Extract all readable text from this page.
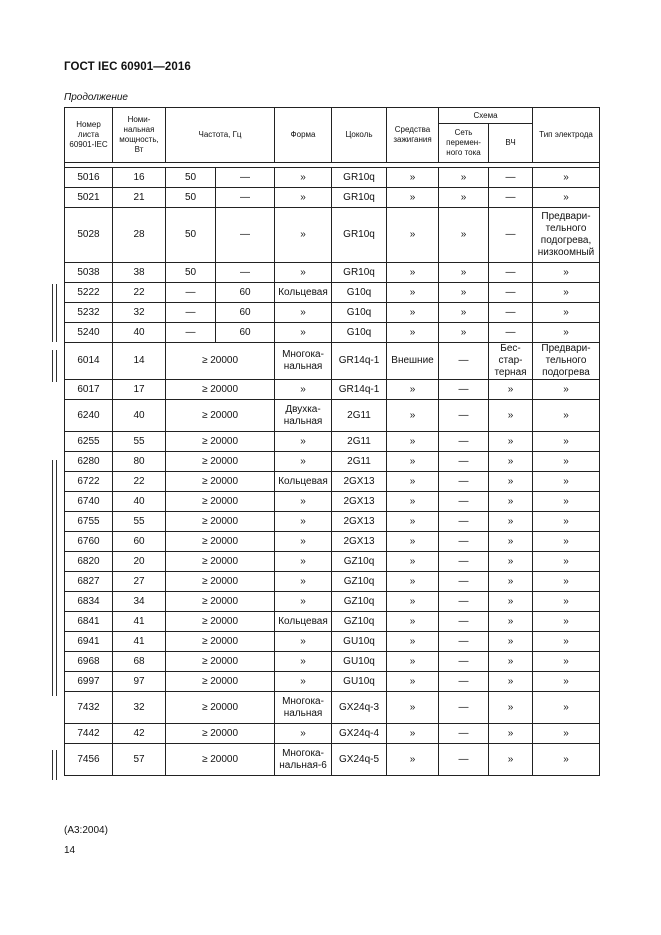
ГОСТ IEC 60901—2016
Продолжение
Номер листа 60901-IEC	Номи-нальная мощность, Вт	Частота, Гц		Форма	Цоколь	Средства зажигания	Схема		Тип электрода
							Сеть перемен-ного тока	ВЧ	

5016	16	50	—	»	GR10q	»	»	—	»
5021	21	50	—	»	GR10q	»	»	—	»
5028	28	50	—	»	GR10q	»	»	—	Предвари-тельного подогрева, низкоомный
5038	38	50	—	»	GR10q	»	»	—	»
5222	22	—	60	Кольцевая	G10q	»	»	—	»
5232	32	—	60	»	G10q	»	»	—	»
5240	40	—	60	»	G10q	»	»	—	»
6014	14	≥ 20000		Многока-нальная	GR14q-1	Внешние	—	Бес-стар-терная	Предвари-тельного подогрева
6017	17	≥ 20000		»	GR14q-1	»	—	»	»
6240	40	≥ 20000		Двухка-нальная	2G11	»	—	»	»
6255	55	≥ 20000		»	2G11	»	—	»	»
6280	80	≥ 20000		»	2G11	»	—	»	»
6722	22	≥ 20000		Кольцевая	2GX13	»	—	»	»
6740	40	≥ 20000		»	2GX13	»	—	»	»
6755	55	≥ 20000		»	2GX13	»	—	»	»
6760	60	≥ 20000		»	2GX13	»	—	»	»
6820	20	≥ 20000		»	GZ10q	»	—	»	»
6827	27	≥ 20000		»	GZ10q	»	—	»	»
6834	34	≥ 20000		»	GZ10q	»	—	»	»
6841	41	≥ 20000		Кольцевая	GZ10q	»	—	»	»
6941	41	≥ 20000		»	GU10q	»	—	»	»
6968	68	≥ 20000		»	GU10q	»	—	»	»
6997	97	≥ 20000		»	GU10q	»	—	»	»
7432	32	≥ 20000		Многока-нальная	GX24q-3	»	—	»	»
7442	42	≥ 20000		»	GX24q-4	»	—	»	»
7456	57	≥ 20000		Многока-нальная-6	GX24q-5	»	—	»	»
(А3:2004)
14
